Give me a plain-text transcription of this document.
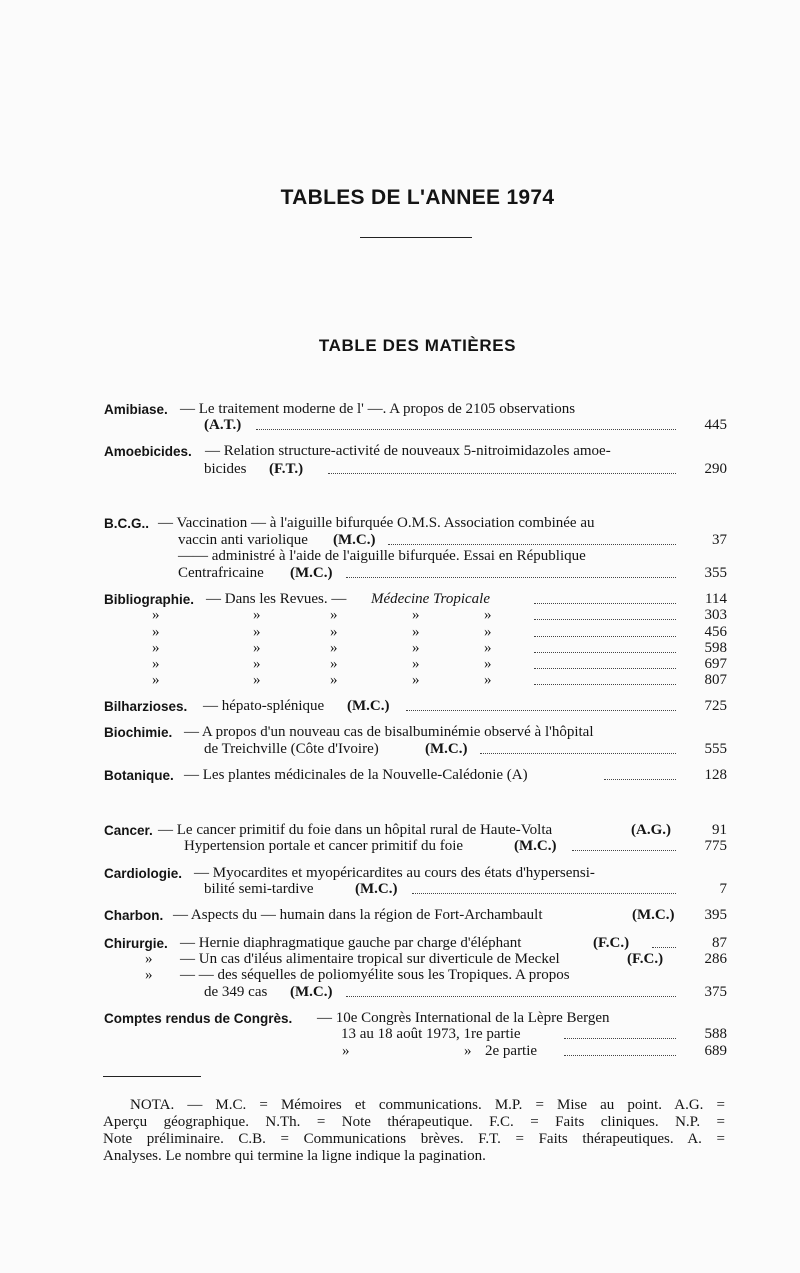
TABLES DE L'ANNEE 1974
TABLE DES MATIÈRES
Amibiase. — Le traitement moderne de l' —. A propos de 2105 observations
(A.T.)	445
Amoebicides. — Relation structure-activité de nouveaux 5-nitroimidazoles amoe-
bicides (F.T.)	290
B.C.G.. — Vaccination — à l'aiguille bifurquée O.M.S. Association combinée au
vaccin anti variolique (M.C.)	37
—— administré à l'aide de l'aiguille bifurquée. Essai en République
Centrafricaine (M.C.)	355
Bibliographie. — Dans les Revues. — Médecine Tropicale	114
»	»	»	»	»	303
»	»	»	»	»	456
»	»	»	»	»	598
»	»	»	»	»	697
»	»	»	»	»	807
Bilharzioses. — hépato-splénique (M.C.)	725
Biochimie. — A propos d'un nouveau cas de bisalbuminémie observé à l'hôpital
de Treichville (Côte d'Ivoire)	(M.C.)	555
Botanique. — Les plantes médicinales de la Nouvelle-Calédonie (A)	128
Cancer. — Le cancer primitif du foie dans un hôpital rural de Haute-Volta	(A.G.)	91
Hypertension portale et cancer primitif du foie	(M.C.)	775
Cardiologie. — Myocardites et myopéricardites au cours des états d'hypersensi-
bilité semi-tardive	(M.C.)	7
Charbon. — Aspects du — humain dans la région de Fort-Archambault	(M.C.) 395
Chirurgie. — Hernie diaphragmatique gauche par charge d'éléphant	(F.C.)	87
» — Un cas d'iléus alimentaire tropical sur diverticule de Meckel	(F.C.)	286
» — — des séquelles de poliomyélite sous les Tropiques. A propos
de 349 cas (M.C.)	375
Comptes rendus de Congrès. — 10e Congrès International de la Lèpre Bergen
13 au 18 août 1973, 1re partie	588
»	» 2e partie	689
NOTA. — M.C. = Mémoires et communications. M.P. = Mise au point. A.G. =
Aperçu géographique. N.Th. = Note thérapeutique. F.C. = Faits cliniques. N.P. =
Note préliminaire. C.B. = Communications brèves. F.T. = Faits thérapeutiques. A. =
Analyses. Le nombre qui termine la ligne indique la pagination.
